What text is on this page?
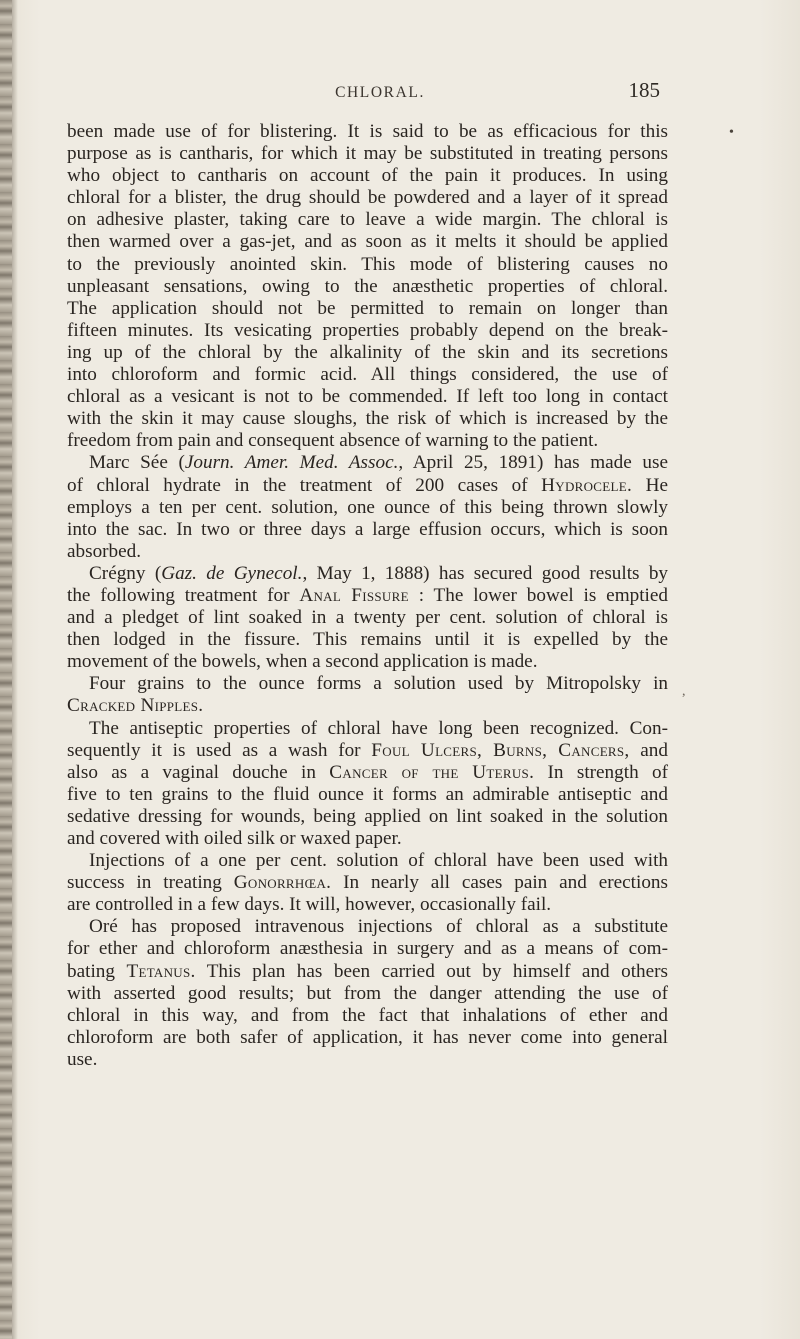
CHLORAL.	185
•
,
been made use of for blistering. It is said to be as efficacious for this
purpose as is cantharis, for which it may be substituted in treating persons
who object to cantharis on account of the pain it produces. In using
chloral for a blister, the drug should be powdered and a layer of it spread
on adhesive plaster, taking care to leave a wide margin. The chloral is
then warmed over a gas-jet, and as soon as it melts it should be applied
to the previously anointed skin. This mode of blistering causes no
unpleasant sensations, owing to the anæsthetic properties of chloral.
The application should not be permitted to remain on longer than
fifteen minutes. Its vesicating properties probably depend on the break-
ing up of the chloral by the alkalinity of the skin and its secretions
into chloroform and formic acid. All things considered, the use of
chloral as a vesicant is not to be commended. If left too long in contact
with the skin it may cause sloughs, the risk of which is increased by the
freedom from pain and consequent absence of warning to the patient.
Marc Sée (Journ. Amer. Med. Assoc., April 25, 1891) has made use
of chloral hydrate in the treatment of 200 cases of Hydrocele. He
employs a ten per cent. solution, one ounce of this being thrown slowly
into the sac. In two or three days a large effusion occurs, which is soon
absorbed.
Crégny (Gaz. de Gynecol., May 1, 1888) has secured good results by
the following treatment for Anal Fissure : The lower bowel is emptied
and a pledget of lint soaked in a twenty per cent. solution of chloral is
then lodged in the fissure. This remains until it is expelled by the
movement of the bowels, when a second application is made.
Four grains to the ounce forms a solution used by Mitropolsky in
Cracked Nipples.
The antiseptic properties of chloral have long been recognized. Con-
sequently it is used as a wash for Foul Ulcers, Burns, Cancers, and
also as a vaginal douche in Cancer of the Uterus. In strength of
five to ten grains to the fluid ounce it forms an admirable antiseptic and
sedative dressing for wounds, being applied on lint soaked in the solution
and covered with oiled silk or waxed paper.
Injections of a one per cent. solution of chloral have been used with
success in treating Gonorrhœa. In nearly all cases pain and erections
are controlled in a few days. It will, however, occasionally fail.
Oré has proposed intravenous injections of chloral as a substitute
for ether and chloroform anæsthesia in surgery and as a means of com-
bating Tetanus. This plan has been carried out by himself and others
with asserted good results; but from the danger attending the use of
chloral in this way, and from the fact that inhalations of ether and
chloroform are both safer of application, it has never come into general
use.
